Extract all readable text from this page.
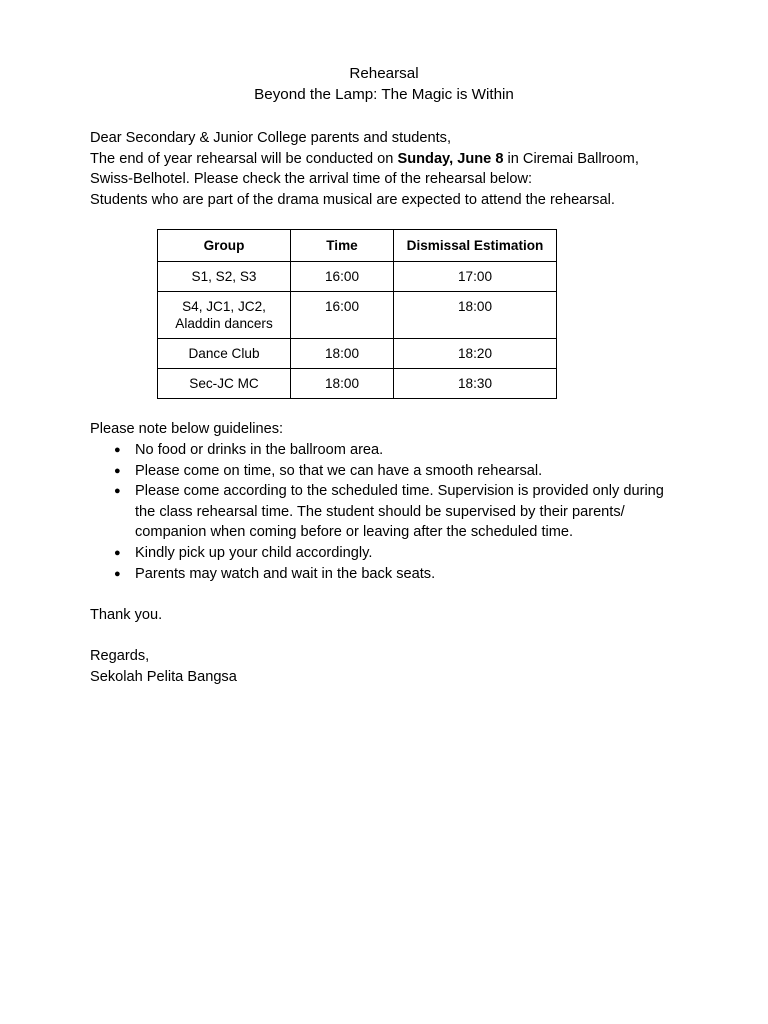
Rehearsal
Beyond the Lamp: The Magic is Within

Dear Secondary & Junior College parents and students,

The end of year rehearsal will be conducted on Sunday, June 8 in Ciremai Ballroom,

Swiss-Belhotel. Please check the arrival time of the rehearsal below:

Students who are part of the drama musical are expected to attend the rehearsal.

Group	Time	Dismissal Estimation
S1, S2, S3	16:00	17:00
S4, JC1, JC2, Aladdin dancers	16:00	18:00
Dance Club	18:00	18:20
Sec-JC MC	18:00	18:30

Please note below guidelines:

● No food or drinks in the ballroom area.
● Please come on time, so that we can have a smooth rehearsal.
● Please come according to the scheduled time. Supervision is provided only during the class rehearsal time. The student should be supervised by their parents/ companion when coming before or leaving after the scheduled time.
● Kindly pick up your child accordingly.
● Parents may watch and wait in the back seats.

Thank you.

Regards,

Sekolah Pelita Bangsa
